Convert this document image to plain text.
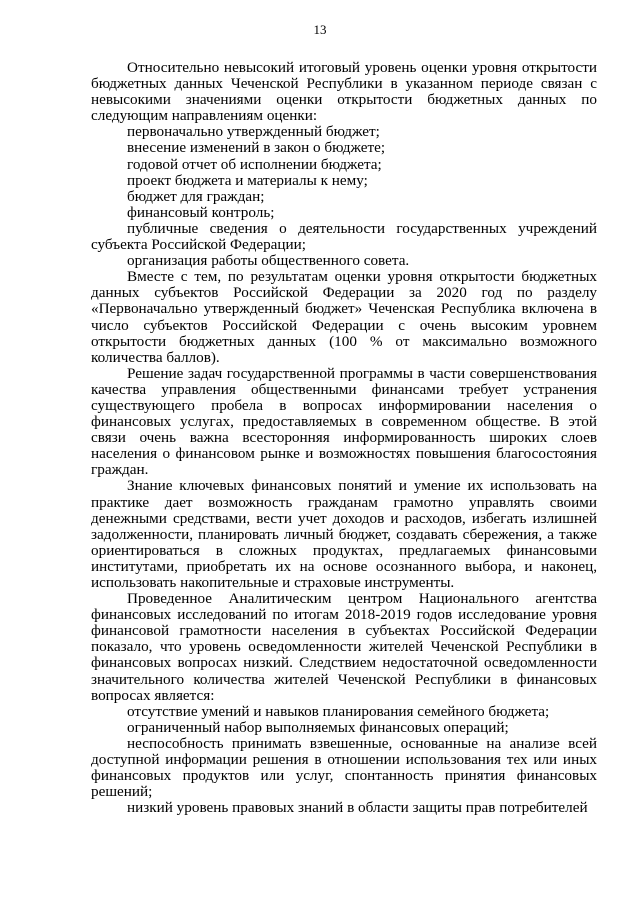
13

Относительно невысокий итоговый уровень оценки уровня открытости бюджетных данных Чеченской Республики в указанном периоде связан с невысокими значениями оценки открытости бюджетных данных по следующим направлениям оценки:

первоначально утвержденный бюджет;

внесение изменений в закон о бюджете;

годовой отчет об исполнении бюджета;

проект бюджета и материалы к нему;

бюджет для граждан;

финансовый контроль;

публичные сведения о деятельности государственных учреждений субъекта Российской Федерации;

организация работы общественного совета.

Вместе с тем, по результатам оценки уровня открытости бюджетных данных субъектов Российской Федерации за 2020 год по разделу «Первоначально утвержденный бюджет» Чеченская Республика включена в число субъектов Российской Федерации с очень высоким уровнем открытости бюджетных данных (100 % от максимально возможного количества баллов).

Решение задач государственной программы в части совершенствования качества управления общественными финансами требует устранения существующего пробела в вопросах информировании населения о финансовых услугах, предоставляемых в современном обществе. В этой связи очень важна всесторонняя информированность широких слоев населения о финансовом рынке и возможностях повышения благосостояния граждан.

Знание ключевых финансовых понятий и умение их использовать на практике дает возможность гражданам грамотно управлять своими денежными средствами, вести учет доходов и расходов, избегать излишней задолженности, планировать личный бюджет, создавать сбережения, а также ориентироваться в сложных продуктах, предлагаемых финансовыми институтами, приобретать их на основе осознанного выбора, и наконец, использовать накопительные и страховые инструменты.

Проведенное Аналитическим центром Национального агентства финансовых исследований по итогам 2018-2019 годов исследование уровня финансовой грамотности населения в субъектах Российской Федерации показало, что уровень осведомленности жителей Чеченской Республики в финансовых вопросах низкий. Следствием недостаточной осведомленности значительного количества жителей Чеченской Республики в финансовых вопросах является:

отсутствие умений и навыков планирования семейного бюджета;

ограниченный набор выполняемых финансовых операций;

неспособность принимать взвешенные, основанные на анализе всей доступной информации решения в отношении использования тех или иных финансовых продуктов или услуг, спонтанность принятия финансовых решений;

низкий уровень правовых знаний в области защиты прав потребителей
